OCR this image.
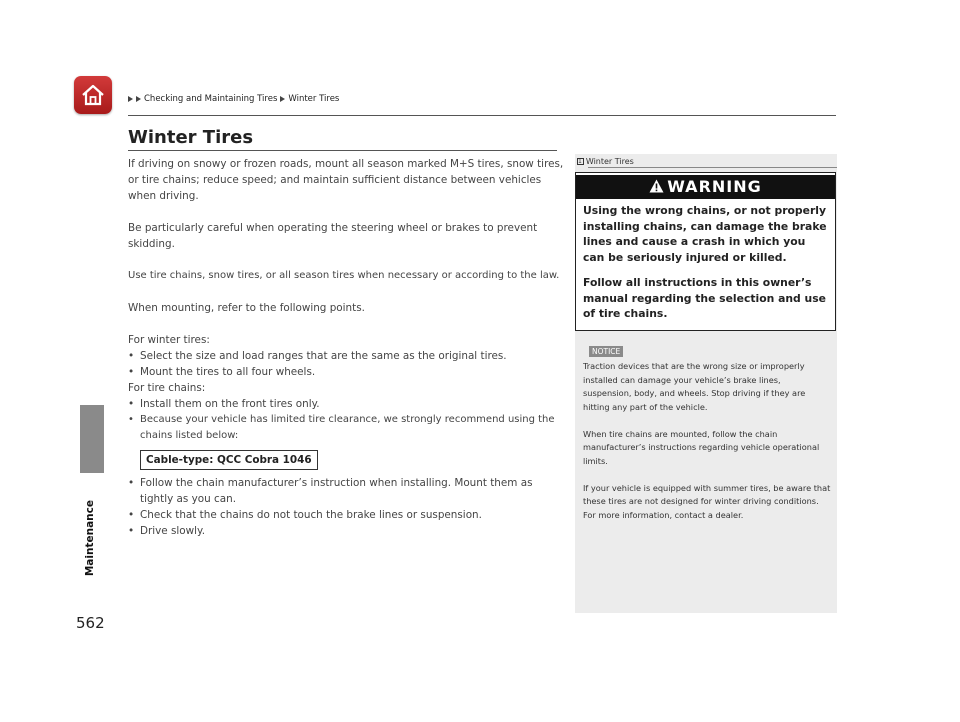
Checking and Maintaining Tires Winter Tires
Maintenance
562
Winter Tires

If driving on snowy or frozen roads, mount all season marked M+S tires, snow tires, or tire chains; reduce speed; and maintain sufficient distance between vehicles when driving.

Be particularly careful when operating the steering wheel or brakes to prevent skidding.

Use tire chains, snow tires, or all season tires when necessary or according to the law.

When mounting, refer to the following points.

For winter tires:
• Select the size and load ranges that are the same as the original tires.
• Mount the tires to all four wheels.
For tire chains:
• Install them on the front tires only.
• Because your vehicle has limited tire clearance, we strongly recommend using the chains listed below:
Cable-type: QCC Cobra 1046
• Follow the chain manufacturer’s instruction when installing. Mount them as tightly as you can.
• Check that the chains do not touch the brake lines or suspension.
• Drive slowly.
1 Winter Tires
WARNING

Using the wrong chains, or not properly installing chains, can damage the brake lines and cause a crash in which you can be seriously injured or killed.

Follow all instructions in this owner’s manual regarding the selection and use of tire chains.

NOTICE

Traction devices that are the wrong size or improperly installed can damage your vehicle’s brake lines, suspension, body, and wheels. Stop driving if they are hitting any part of the vehicle.

When tire chains are mounted, follow the chain manufacturer’s instructions regarding vehicle operational limits.

If your vehicle is equipped with summer tires, be aware that these tires are not designed for winter driving conditions. For more information, contact a dealer.
